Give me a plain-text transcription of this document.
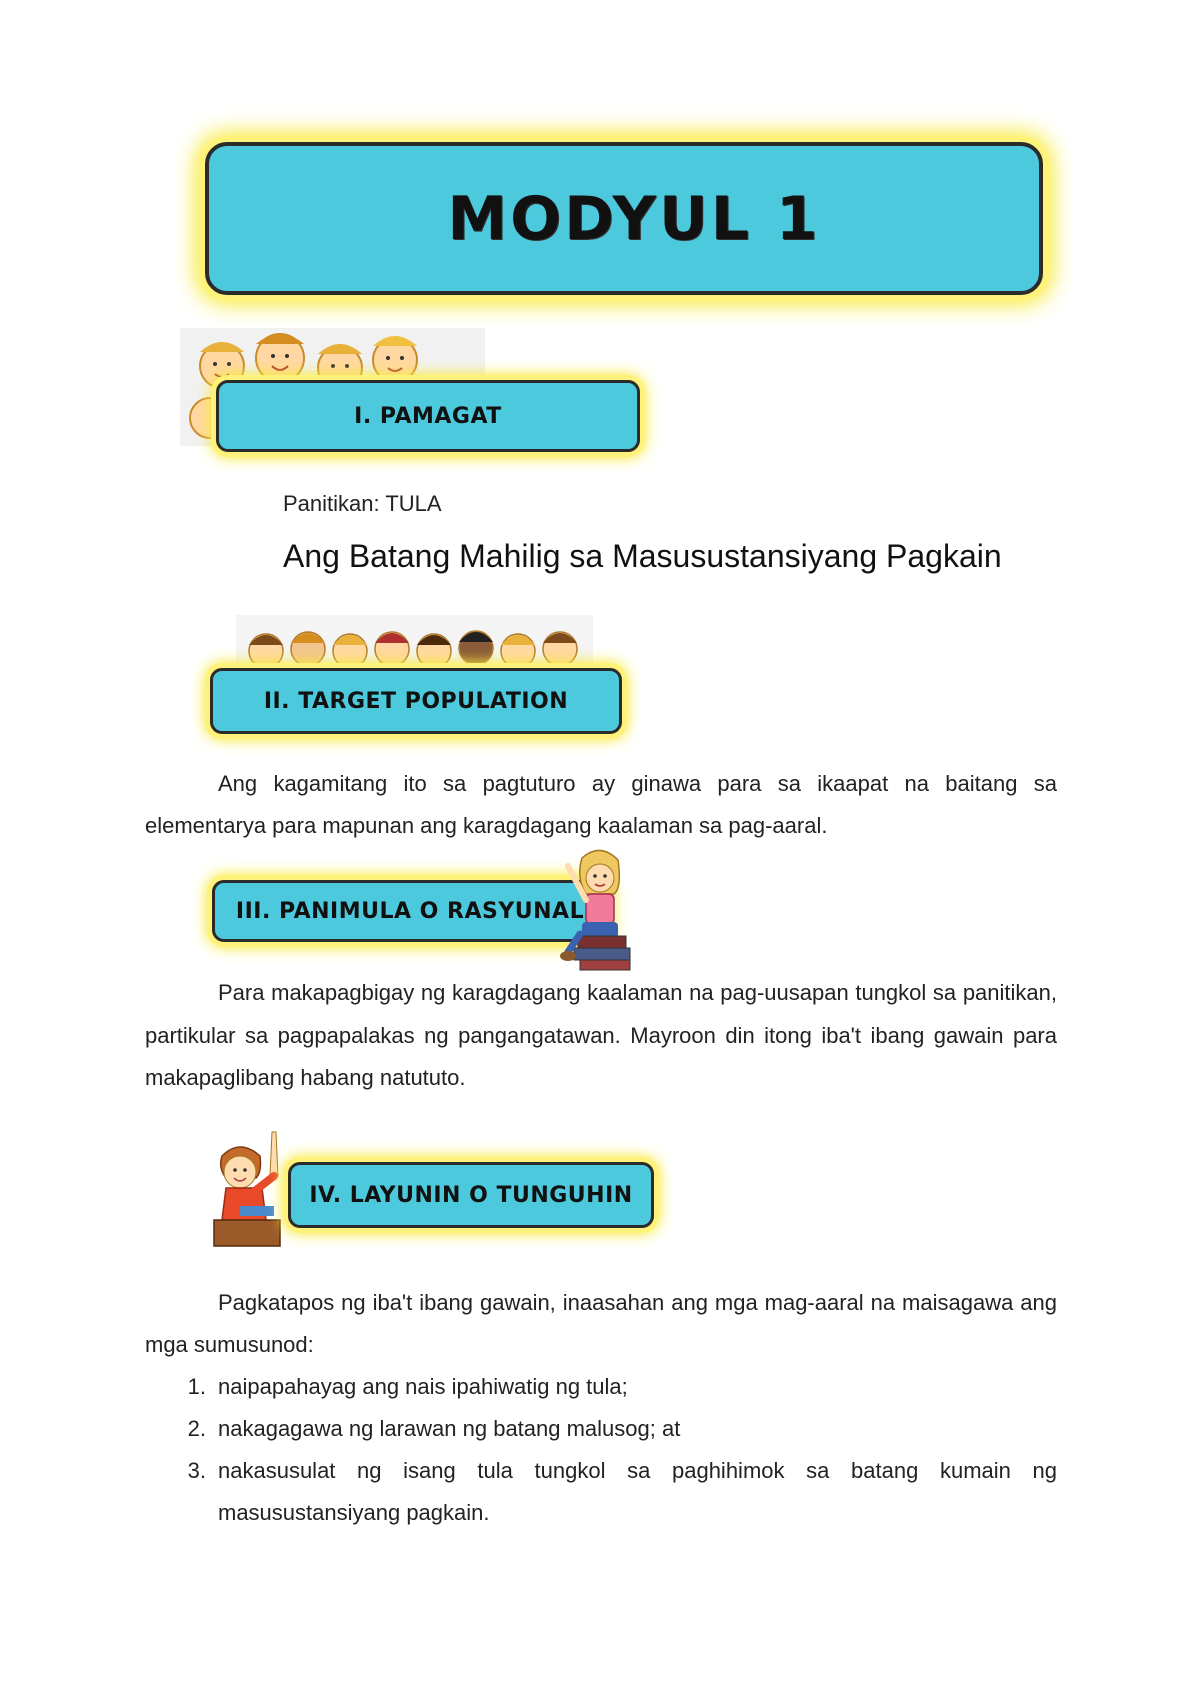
MODYUL 1
I. PAMAGAT
Panitikan: TULA
Ang Batang Mahilig sa Masusustansiyang Pagkain
II. TARGET POPULATION
Ang kagamitang ito sa pagtuturo ay ginawa para sa ikaapat na baitang sa elementarya para mapunan ang karagdagang kaalaman sa pag-aaral.
III. PANIMULA O RASYUNAL
Para makapagbigay ng karagdagang kaalaman na pag-uusapan tungkol sa panitikan, partikular sa pagpapalakas ng pangangatawan. Mayroon din itong iba't ibang gawain para makapaglibang habang natututo.
IV. LAYUNIN O TUNGUHIN
Pagkatapos ng iba't ibang gawain, inaasahan ang mga mag-aaral na maisagawa ang mga sumusunod:
1. naipapahayag ang nais ipahiwatig ng tula;
2. nakagagawa ng larawan ng batang malusog; at
3. nakasusulat ng isang tula tungkol sa paghihimok sa batang kumain ng masusustansiyang pagkain.
